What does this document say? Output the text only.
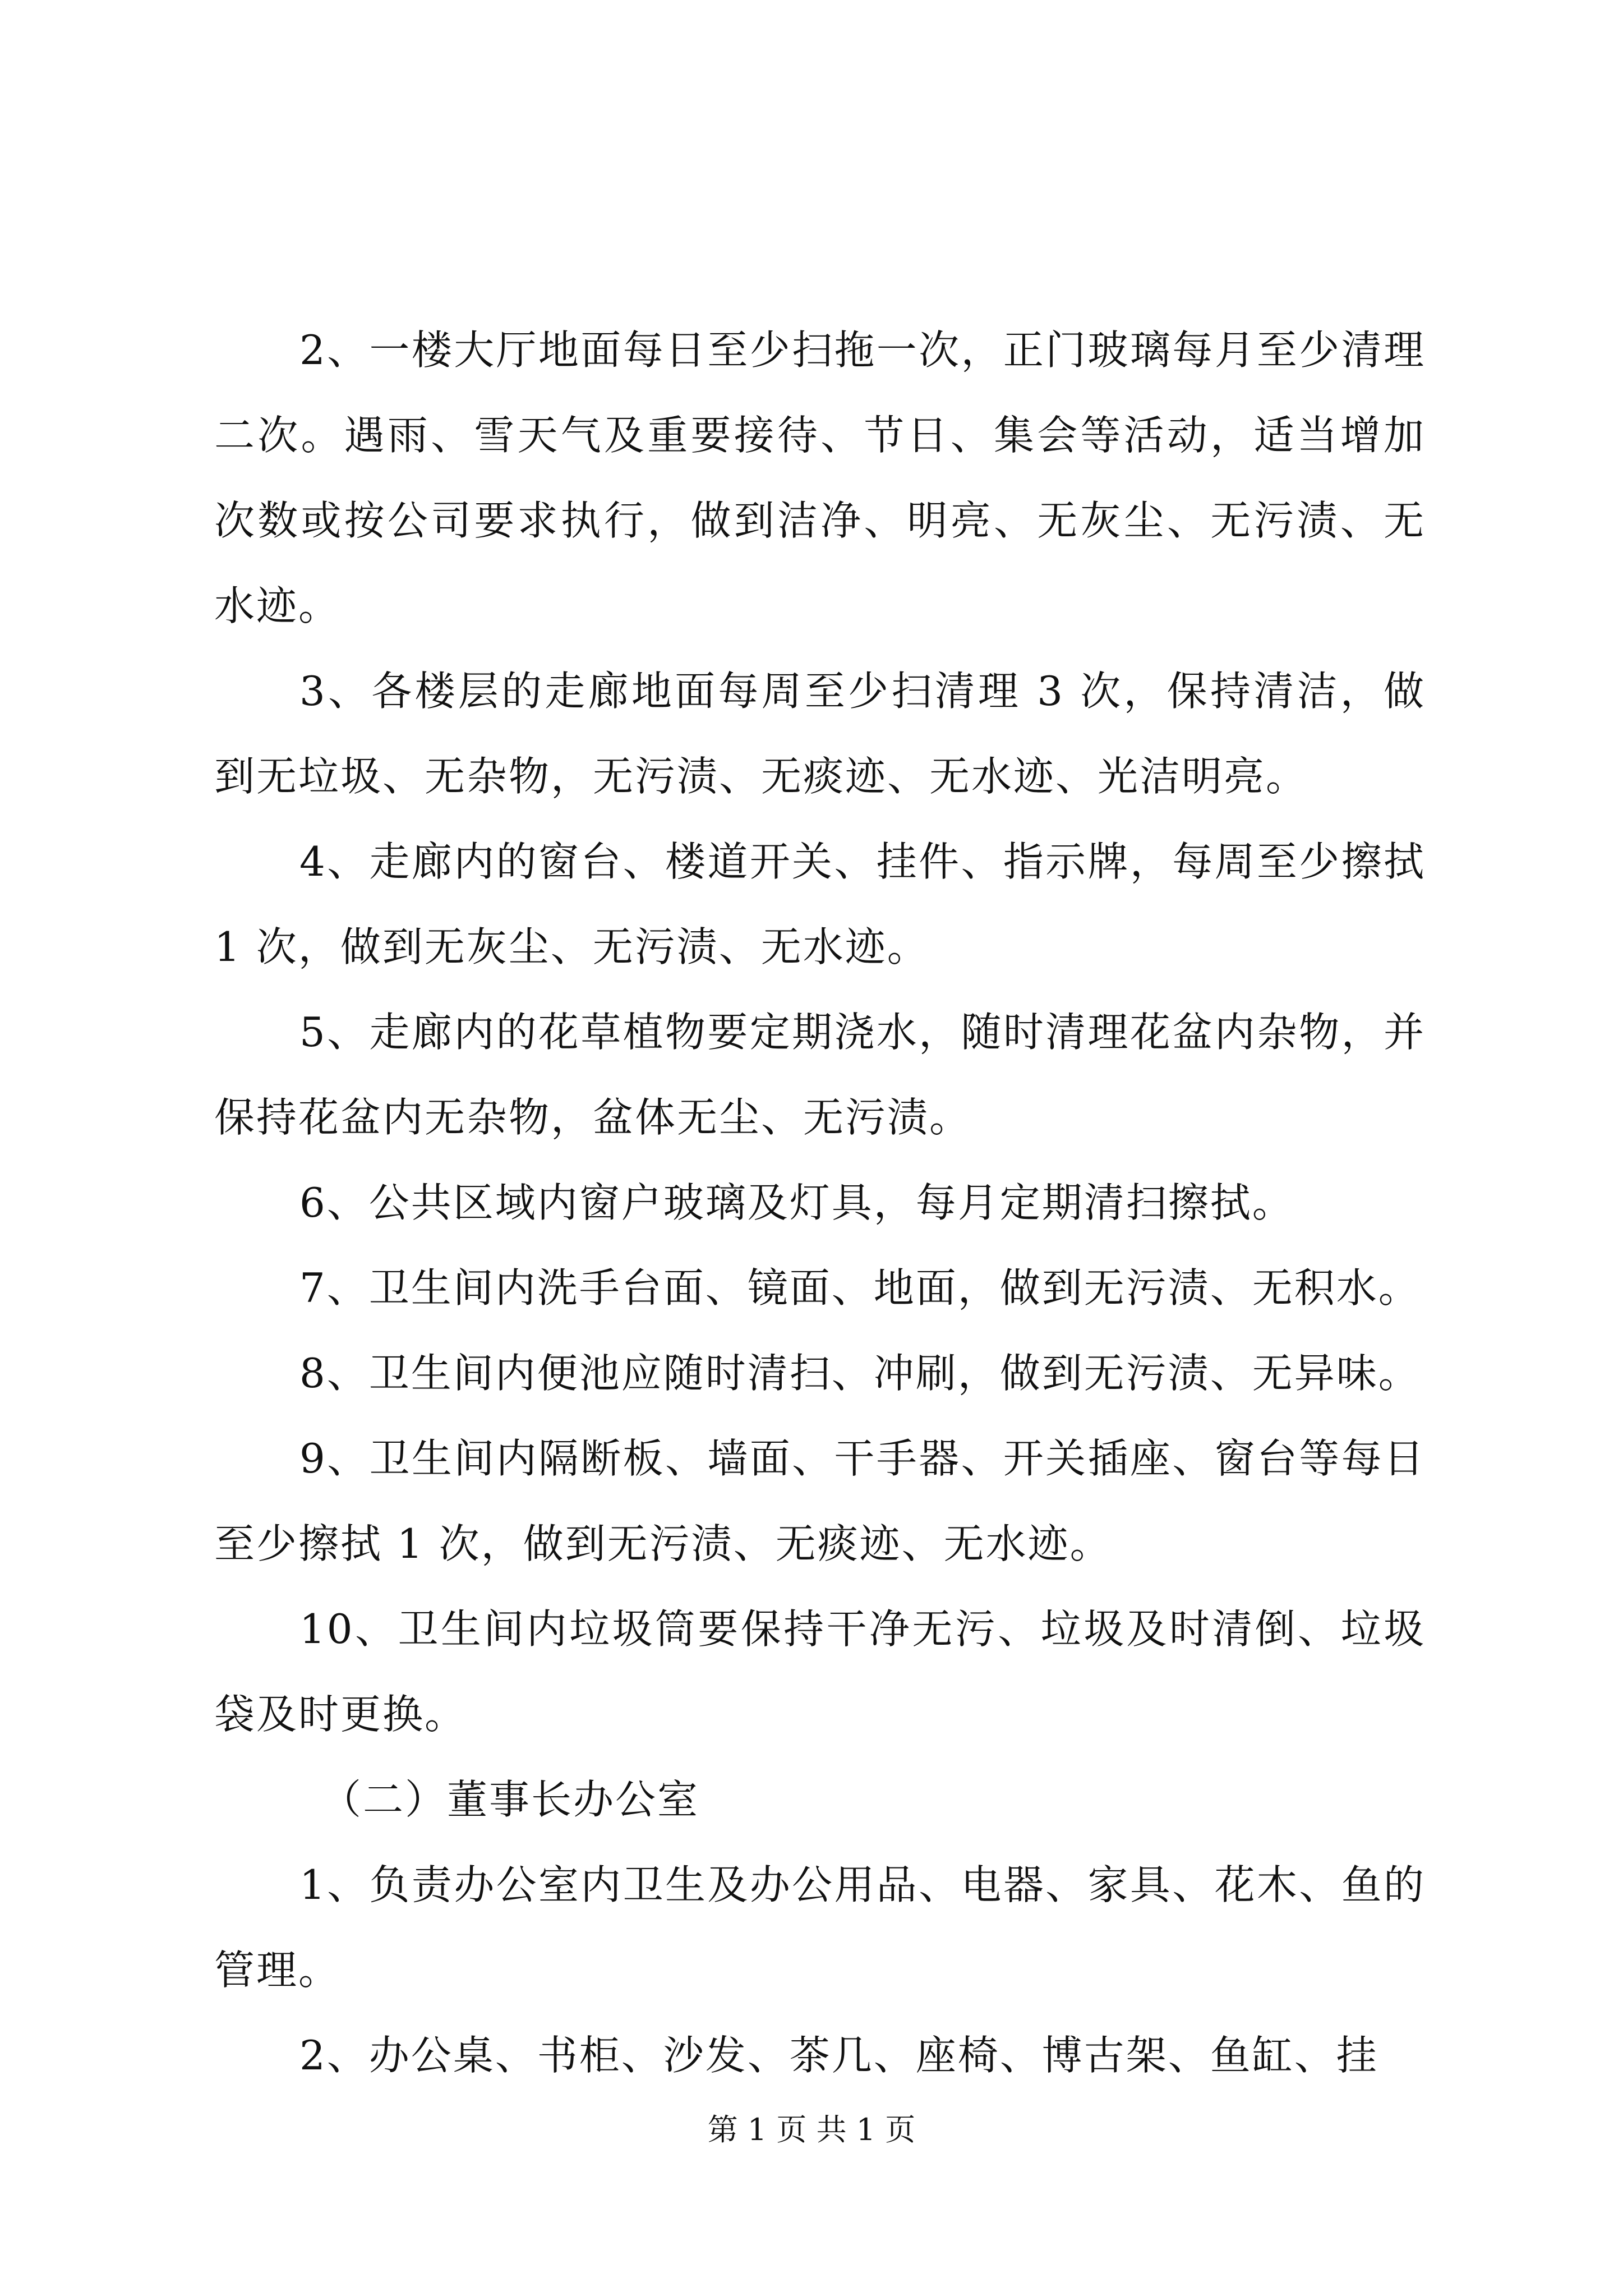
2、一楼大厅地面每日至少扫拖一次，正门玻璃每月至少清理二次。遇雨、雪天气及重要接待、节日、集会等活动，适当增加次数或按公司要求执行，做到洁净、明亮、无灰尘、无污渍、无水迹。

3、各楼层的走廊地面每周至少扫清理 3 次，保持清洁，做到无垃圾、无杂物，无污渍、无痰迹、无水迹、光洁明亮。

4、走廊内的窗台、楼道开关、挂件、指示牌，每周至少擦拭 1 次，做到无灰尘、无污渍、无水迹。

5、走廊内的花草植物要定期浇水，随时清理花盆内杂物，并保持花盆内无杂物，盆体无尘、无污渍。

6、公共区域内窗户玻璃及灯具，每月定期清扫擦拭。

7、卫生间内洗手台面、镜面、地面，做到无污渍、无积水。

8、卫生间内便池应随时清扫、冲刷，做到无污渍、无异味。

9、卫生间内隔断板、墙面、干手器、开关插座、窗台等每日至少擦拭 1 次，做到无污渍、无痰迹、无水迹。

10、卫生间内垃圾筒要保持干净无污、垃圾及时清倒、垃圾袋及时更换。

（二）董事长办公室

1、负责办公室内卫生及办公用品、电器、家具、花木、鱼的管理。

2、办公桌、书柜、沙发、茶几、座椅、博古架、鱼缸、挂

第 1 页 共 1 页
